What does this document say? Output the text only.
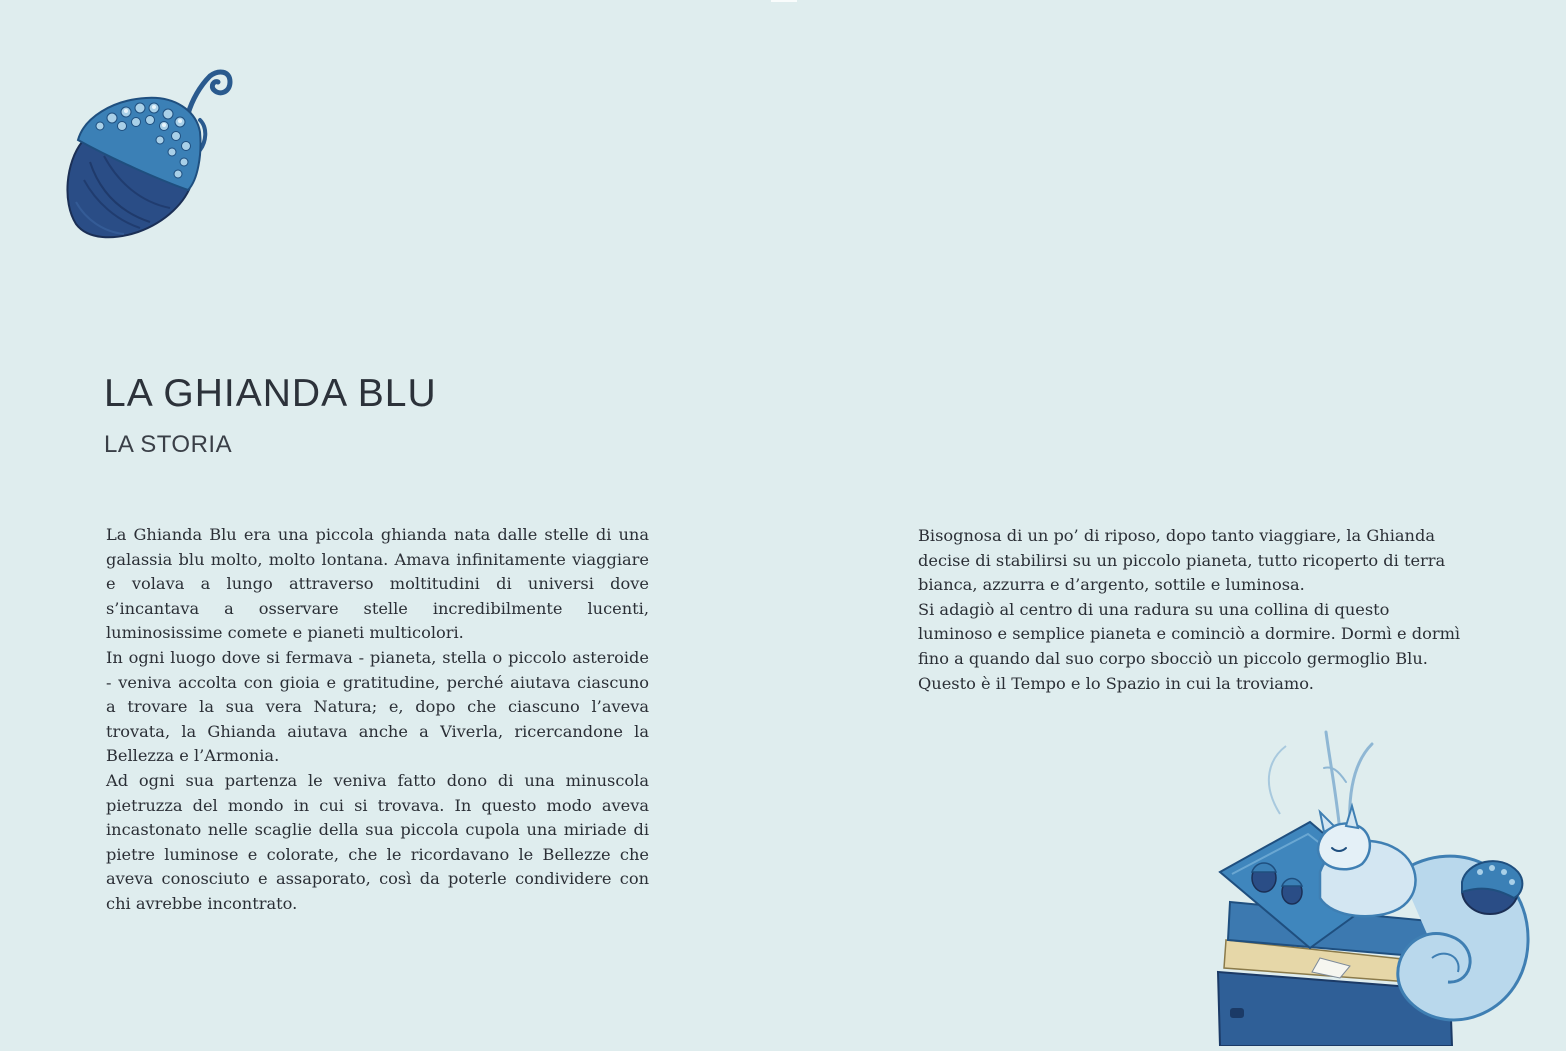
LA GHIANDA BLU
LA STORIA

La Ghianda Blu era una piccola ghianda nata dalle stelle di una galassia blu molto, molto lontana. Amava infinitamente viaggiare e volava a lungo attraverso moltitudini di universi dove s’incantava a osservare stelle incredibilmente lucenti, luminosissime comete e pianeti multicolori.

In ogni luogo dove si fermava - pianeta, stella o piccolo asteroide - veniva accolta con gioia e gratitudine, perché aiutava ciascuno a trovare la sua vera Natura; e, dopo che ciascuno l’aveva trovata, la Ghianda aiutava anche a Viverla, ricercandone la Bellezza e l’Armonia.

Ad ogni sua partenza le veniva fatto dono di una minuscola pietruzza del mondo in cui si trovava. In questo modo aveva incastonato nelle scaglie della sua piccola cupola una miriade di pietre luminose e colorate, che le ricordavano le Bellezze che aveva conosciuto e assaporato, così da poterle condividere con chi avrebbe incontrato.

Bisognosa di un po’ di riposo, dopo tanto viaggiare, la Ghianda decise di stabilirsi su un piccolo pianeta, tutto ricoperto di terra bianca, azzurra e d’argento, sottile e luminosa.

Si adagiò al centro di una radura su una collina di questo luminoso e semplice pianeta e cominciò a dormire. Dormì e dormì fino a quando dal suo corpo sbocciò un piccolo germoglio Blu. Questo è il Tempo e lo Spazio in cui la troviamo.
